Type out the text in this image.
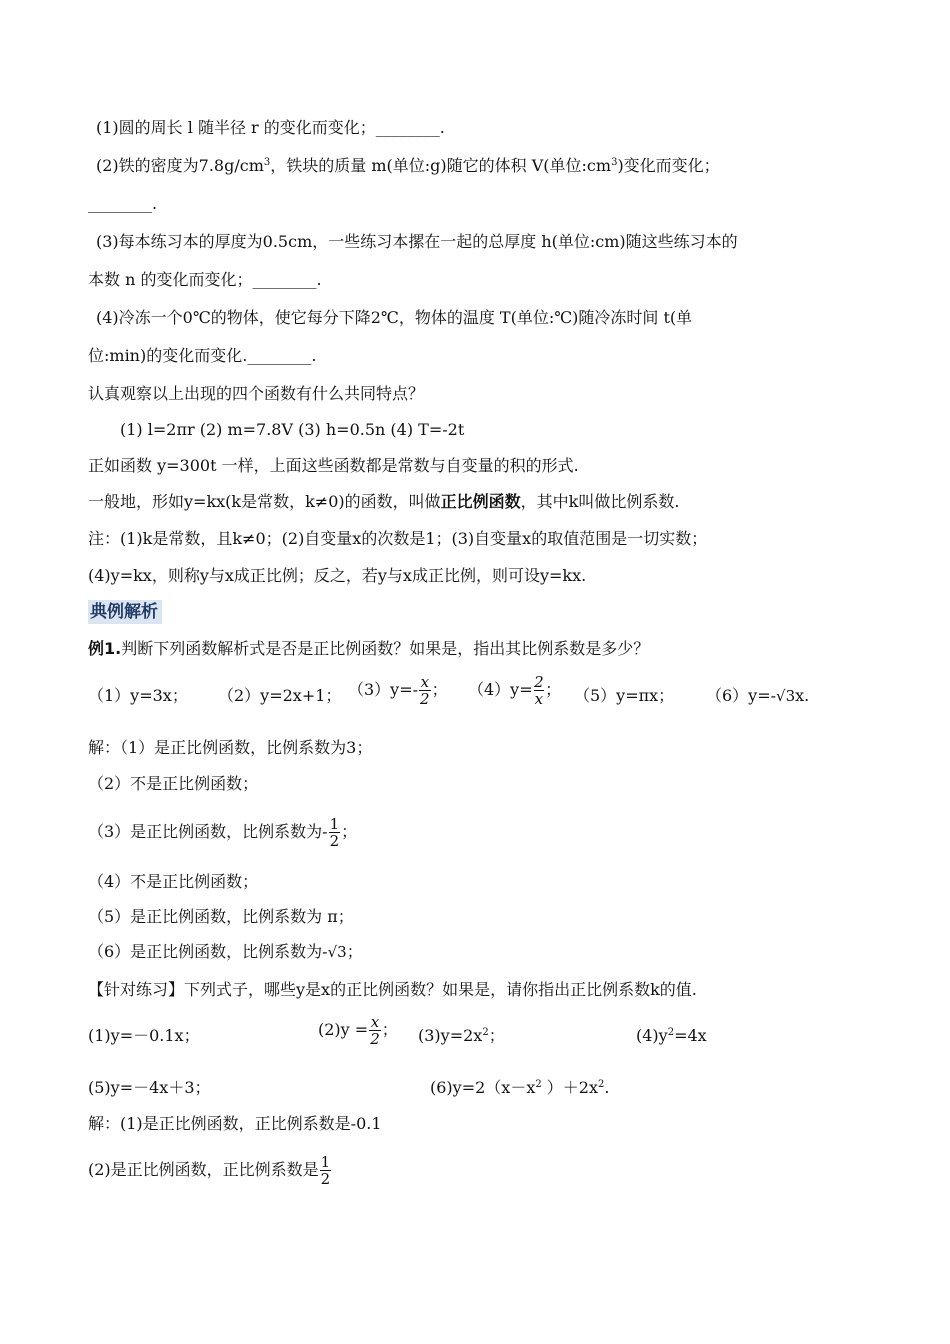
(1)圆的周长 l 随半径 r 的变化而变化；________.
(2)铁的密度为$7.8g/cm^3$，铁块的质量 m(单位:g)随它的体积 V(单位$:cm^3$)变化而变化；
________.
(3)每本练习本的厚度为0.5cm，一些练习本摞在一起的总厚度 h(单位:cm)随这些练习本的
本数 n 的变化而变化；________.
(4)冷冻一个0℃的物体，使它每分下降2℃，物体的温度 T(单位:℃)随冷冻时间 t(单
位:min)的变化而变化.________.
认真观察以上出现的四个函数有什么共同特点？
(1) l=2πr (2) m=7.8V (3) h=0.5n (4) T=-2t
正如函数 y=300t 一样，上面这些函数都是常数与自变量的积的形式.
一般地，形如y=kx(k是常数，k≠0)的函数，叫做正比例函数，其中k叫做比例系数.
注：(1)k是常数，且k≠0；(2)自变量x的次数是1；(3)自变量x的取值范围是一切实数；
(4)y=kx，则称y与x成正比例；反之，若y与x成正比例，则可设y=kx.
典例解析
例1.判断下列函数解析式是否是正比例函数？如果是，指出其比例系数是多少？
（1）y=3x； （2）y=2x+1； $(3)y=- \frac{x}{2}$ ； $(4)y= \frac{2}{x}$ ； （5）y=πx； （6）y=-√3x.
解：（1）是正比例函数，比例系数为3；
（2）不是正比例函数；
（3）是正比例函数，比例系数为- $\frac{1}{2}$ ；
（4）不是正比例函数；
（5）是正比例函数，比例系数为 π；
（6）是正比例函数，比例系数为-√3；
【针对练习】下列式子，哪些y是x的正比例函数？如果是，请你指出正比例系数k的值.
(1)y=－0.1x；	$(2)y = \frac{x}{2}$ ； $(3)y=2x^2$；	$(4)y^2=4x$
(5)y=－4x＋3；	$(6)y=2(x-x^2$ ）$+2x^2$.
解：(1)是正比例函数，正比例系数是-0.1
(2)是正比例函数，正比例系数是 $\frac{1}{2}$
